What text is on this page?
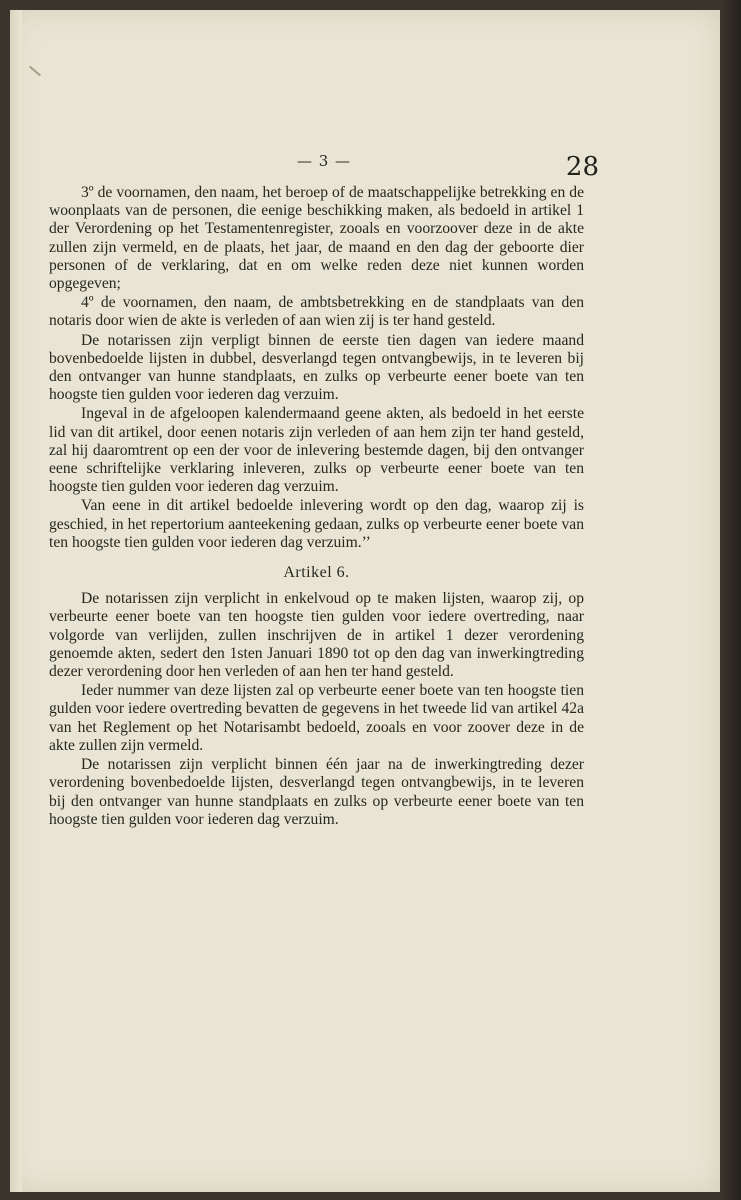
— 3 —	28

3º de voornamen, den naam, het beroep of de maatschappelijke betrekking en de woonplaats van de personen, die eenige beschikking maken, als bedoeld in artikel 1 der Verordening op het Testamentenregister, zooals en voorzoover deze in de akte zullen zijn vermeld, en de plaats, het jaar, de maand en den dag der geboorte dier personen of de verklaring, dat en om welke reden deze niet kunnen worden opgegeven;

4º de voornamen, den naam, de ambtsbetrekking en de standplaats van den notaris door wien de akte is verleden of aan wien zij is ter hand gesteld.

De notarissen zijn verpligt binnen de eerste tien dagen van iedere maand bovenbedoelde lijsten in dubbel, desverlangd tegen ontvangbewijs, in te leveren bij den ontvanger van hunne standplaats, en zulks op verbeurte eener boete van ten hoogste tien gulden voor iederen dag verzuim.

Ingeval in de afgeloopen kalendermaand geene akten, als bedoeld in het eerste lid van dit artikel, door eenen notaris zijn verleden of aan hem zijn ter hand gesteld, zal hij daaromtrent op een der voor de inlevering bestemde dagen, bij den ontvanger eene schriftelijke verklaring inleveren, zulks op verbeurte eener boete van ten hoogste tien gulden voor iederen dag verzuim.

Van eene in dit artikel bedoelde inlevering wordt op den dag, waarop zij is geschied, in het repertorium aanteekening gedaan, zulks op verbeurte eener boete van ten hoogste tien gulden voor iederen dag verzuim.’’

Artikel 6.

De notarissen zijn verplicht in enkelvoud op te maken lijsten, waarop zij, op verbeurte eener boete van ten hoogste tien gulden voor iedere overtreding, naar volgorde van verlijden, zullen inschrijven de in artikel 1 dezer verordening genoemde akten, sedert den 1sten Januari 1890 tot op den dag van inwerkingtreding dezer verordening door hen verleden of aan hen ter hand gesteld.

Ieder nummer van deze lijsten zal op verbeurte eener boete van ten hoogste tien gulden voor iedere overtreding bevatten de gegevens in het tweede lid van artikel 42a van het Reglement op het Notarisambt bedoeld, zooals en voor zoover deze in de akte zullen zijn vermeld.

De notarissen zijn verplicht binnen één jaar na de inwerkingtreding dezer verordening bovenbedoelde lijsten, desverlangd tegen ontvangbewijs, in te leveren bij den ontvanger van hunne standplaats en zulks op verbeurte eener boete van ten hoogste tien gulden voor iederen dag verzuim.
